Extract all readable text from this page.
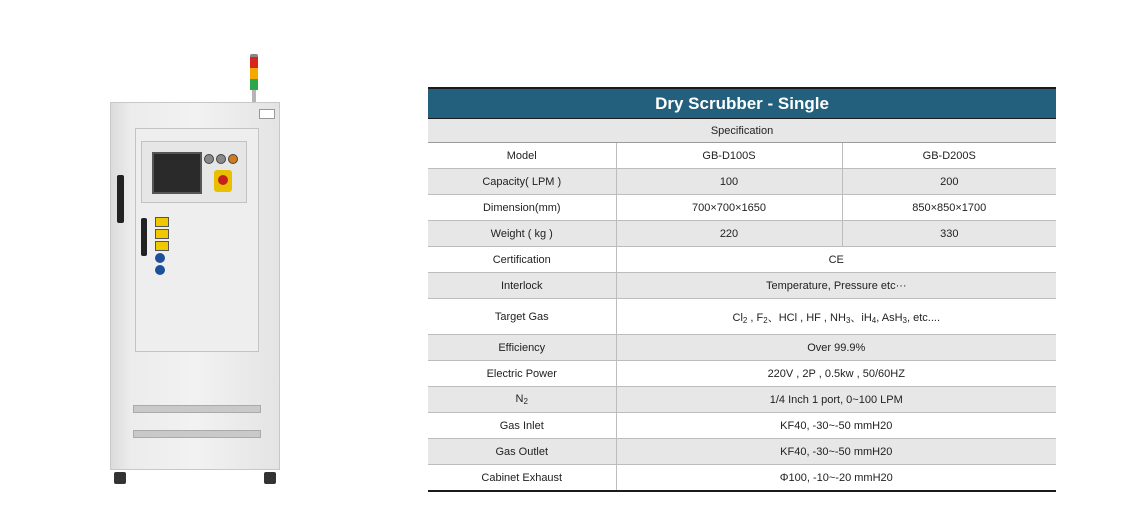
Dry Scrubber - Single		
Specification		
Model	GB-D100S	GB-D200S
Capacity( LPM )	100	200
Dimension(mm)	700×700×1650	850×850×1700
Weight ( kg )	220	330
Certification	CE	
Interlock	Temperature, Pressure etc···	
Target Gas	$Cl_2$ , $F_2$、HCl , HF , $NH_3$、$iH_4$, AsH$_3$, etc....	
Efficiency	Over 99.9%	
Electric Power	220V , 2P , 0.5kw , 50/60HZ	
$N_2$	1/4 Inch 1 port, 0~100 LPM	
Gas Inlet	KF40, -30~-50 mmH20	
Gas Outlet	KF40, -30~-50 mmH20	
Cabinet Exhaust	Φ100, -10~-20 mmH20	
